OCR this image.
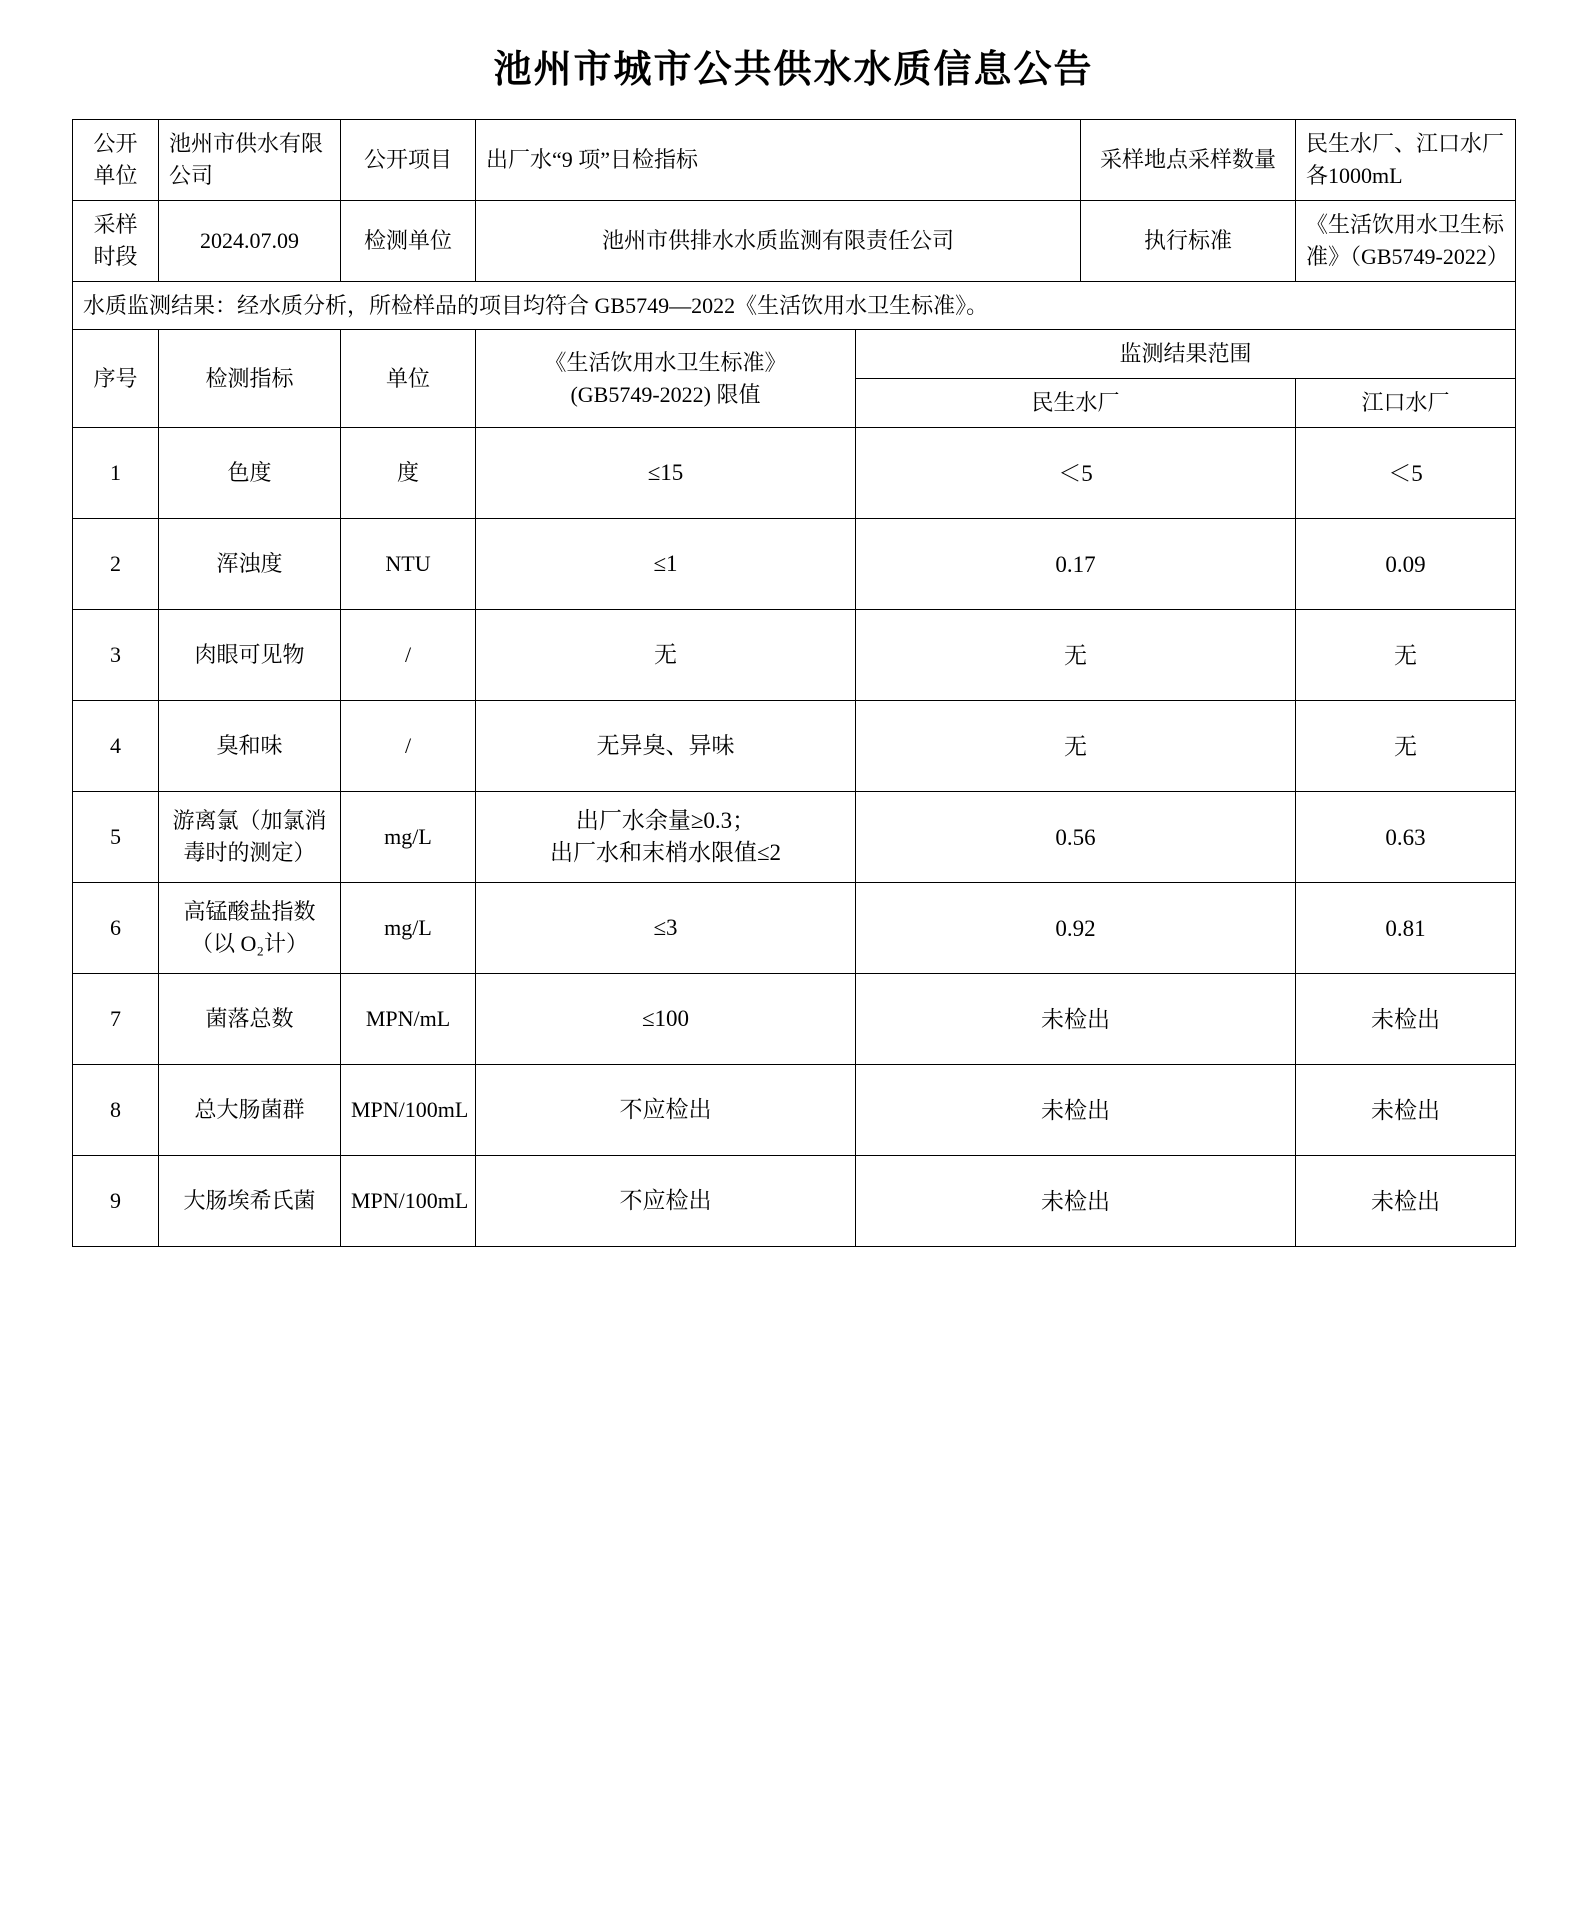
池州市城市公共供水水质信息公告
公开单位	池州市供水有限公司	公开项目	出厂水“9 项”日检指标		采样地点采样数量	民生水厂、江口水厂各1000mL
采样时段	2024.07.09	检测单位	池州市供排水水质监测有限责任公司		执行标准	《生活饮用水卫生标准》（GB5749-2022）
水质监测结果：经水质分析，所检样品的项目均符合 GB5749—2022《生活饮用水卫生标准》。						
序号	检测指标	单位	《生活饮用水卫生标准》
(GB5749-2022) 限值	监测结果范围		
				民生水厂		江口水厂
1	色度	度	≤15	＜5		＜5
2	浑浊度	NTU	≤1	0.17		0.09
3	肉眼可见物	/	无	无		无
4	臭和味	/	无异臭、异味	无		无
5	游离氯（加氯消毒时的测定）	mg/L	出厂水余量≥0.3；
出厂水和末梢水限值≤2	0.56		0.63
6	高锰酸盐指数（以 O₂计）	mg/L	≤3	0.92		0.81
7	菌落总数	MPN/mL	≤100	未检出		未检出
8	总大肠菌群	MPN/100mL	不应检出	未检出		未检出
9	大肠埃希氏菌	MPN/100mL	不应检出	未检出		未检出
